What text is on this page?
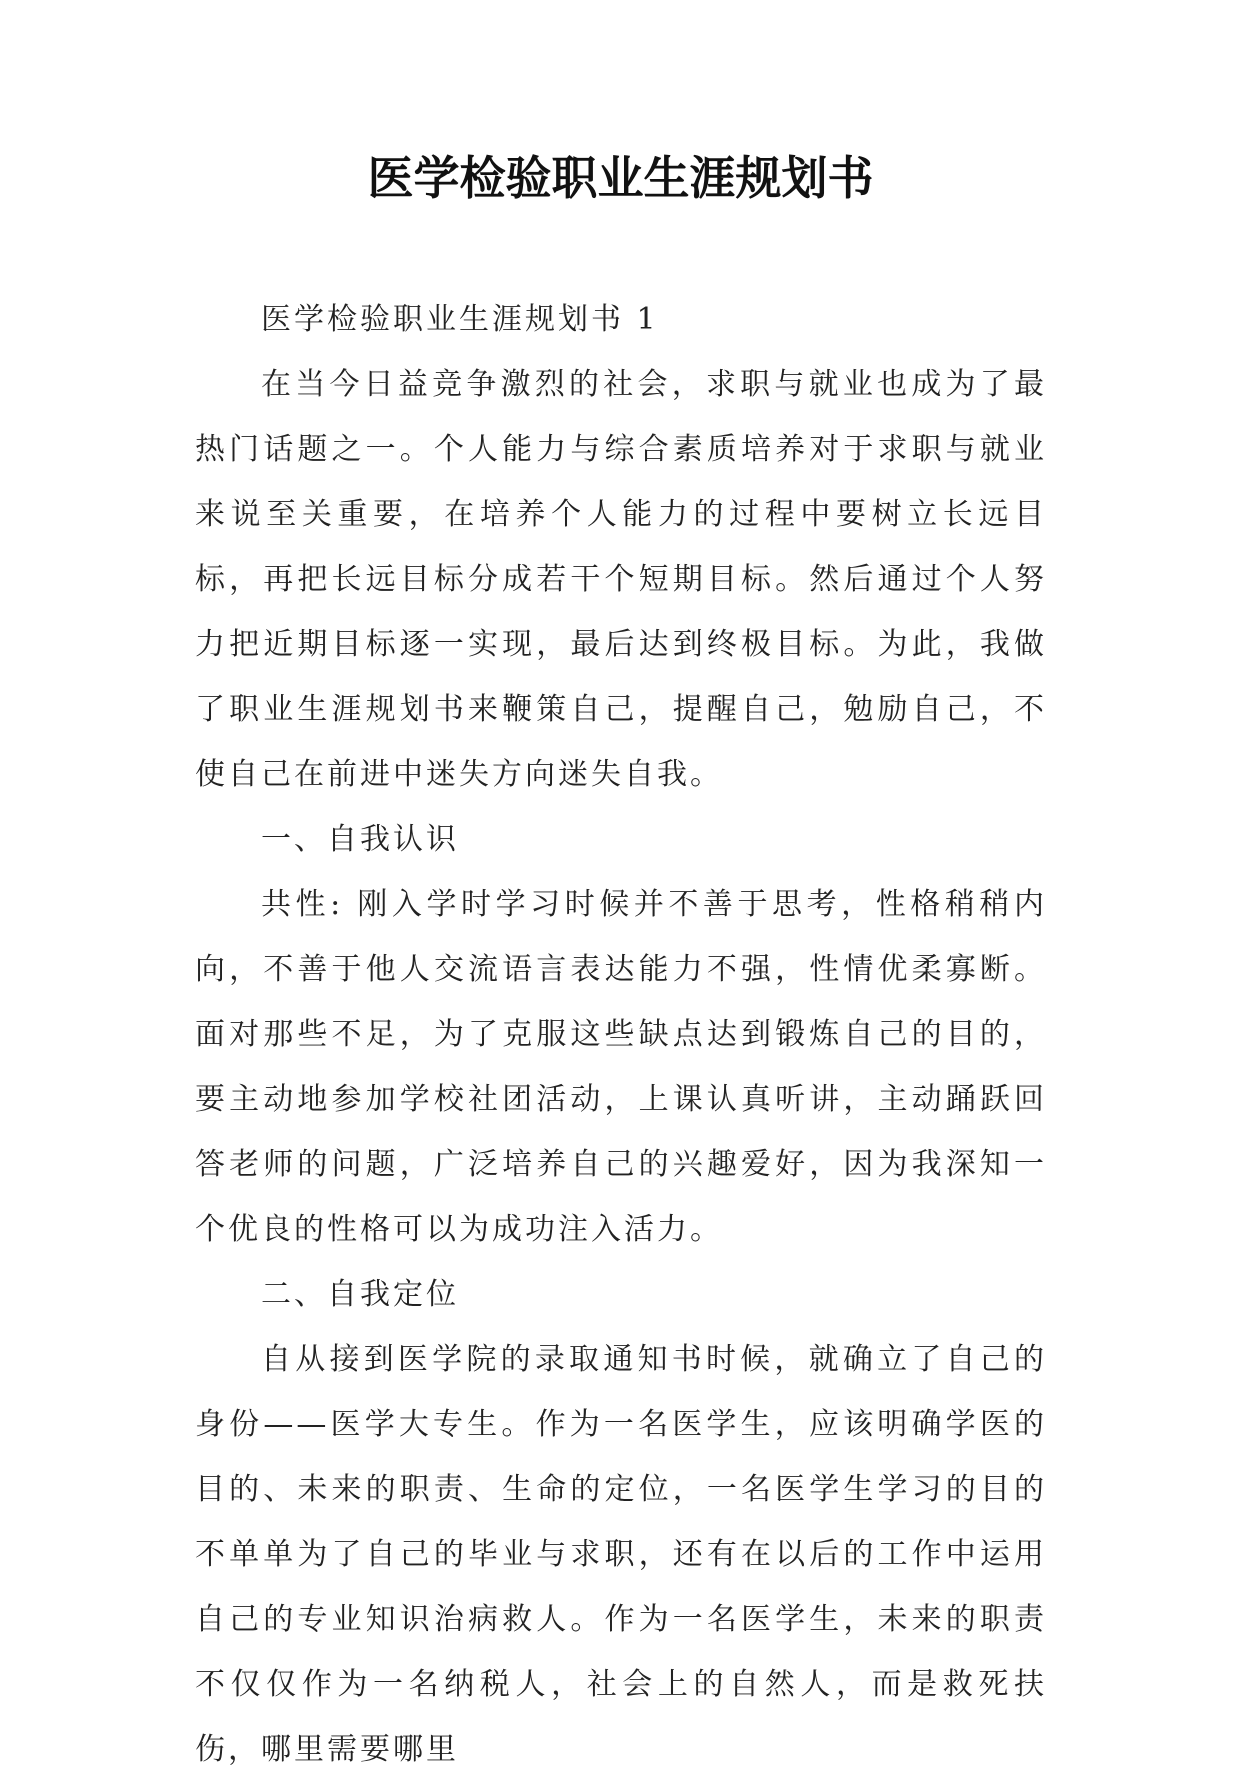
医学检验职业生涯规划书

医学检验职业生涯规划书 1

在当今日益竞争激烈的社会，求职与就业也成为了最热门话题之一。个人能力与综合素质培养对于求职与就业来说至关重要，在培养个人能力的过程中要树立长远目标，再把长远目标分成若干个短期目标。然后通过个人努力把近期目标逐一实现，最后达到终极目标。为此，我做了职业生涯规划书来鞭策自己，提醒自己，勉励自己，不使自己在前进中迷失方向迷失自我。

一、自我认识

共性: 刚入学时学习时候并不善于思考，性格稍稍内向，不善于他人交流语言表达能力不强，性情优柔寡断。面对那些不足，为了克服这些缺点达到锻炼自己的目的，要主动地参加学校社团活动，上课认真听讲，主动踊跃回答老师的问题，广泛培养自己的兴趣爱好，因为我深知一个优良的性格可以为成功注入活力。

二、自我定位

自从接到医学院的录取通知书时候，就确立了自己的身份——医学大专生。作为一名医学生，应该明确学医的目的、未来的职责、生命的定位，一名医学生学习的目的不单单为了自己的毕业与求职，还有在以后的工作中运用自己的专业知识治病救人。作为一名医学生，未来的职责不仅仅作为一名纳税人，社会上的自然人，而是救死扶伤，哪里需要哪里
